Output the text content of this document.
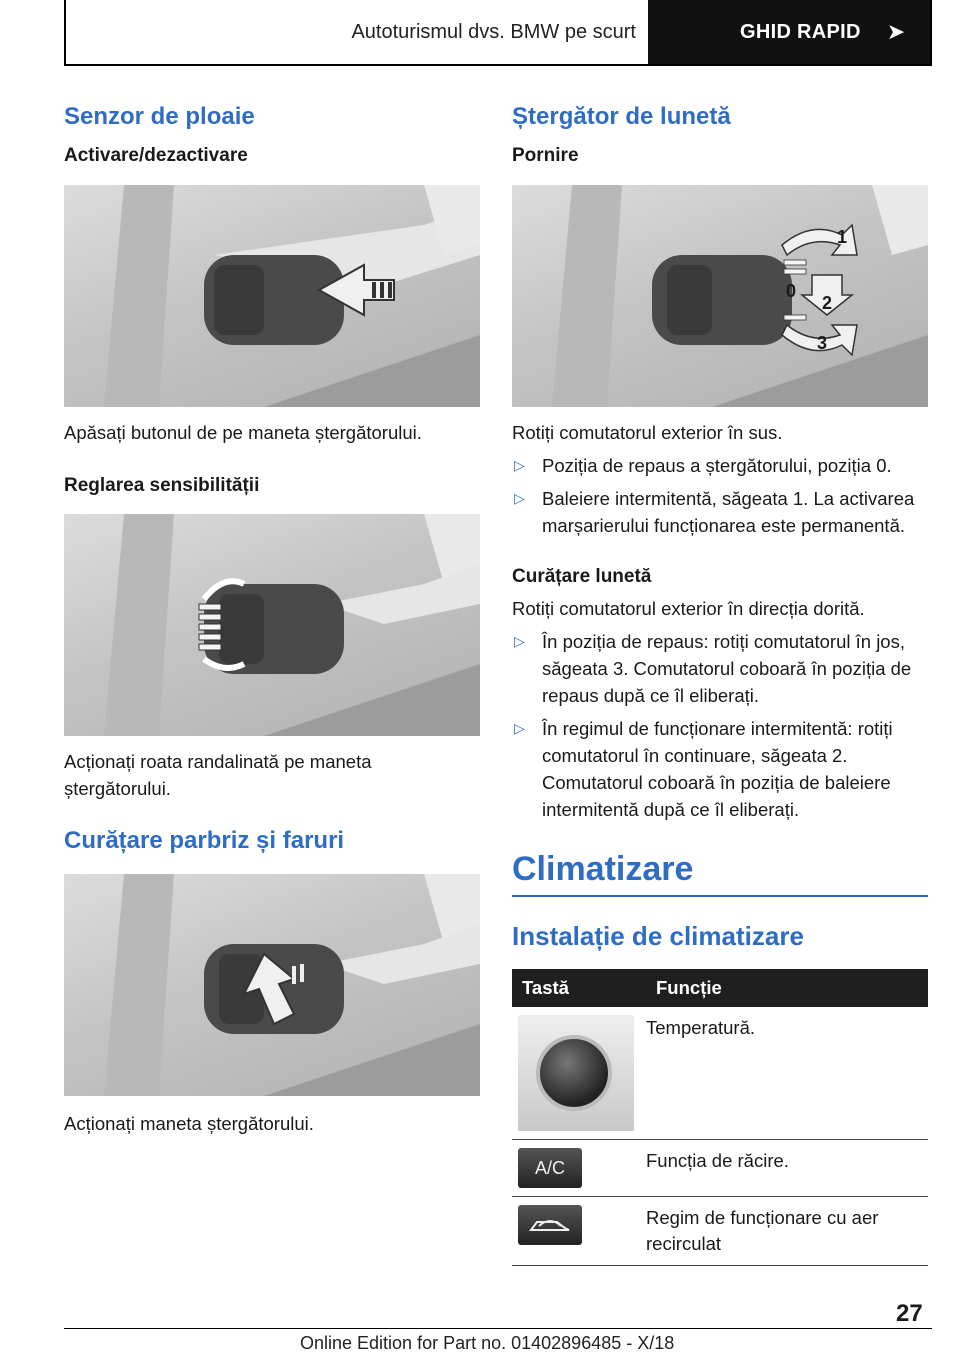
Autoturismul dvs. BMW pe scurt	GHID RAPID ➤
Senzor de ploaie
Activare/dezactivare
Apăsați butonul de pe maneta ștergătorului.
Reglarea sensibilității
Acționați roata randalinată pe maneta ștergătorului.
Curățare parbriz și faruri
Acționați maneta ștergătorului.
Ștergător de lunetă
Pornire
1
0
2
3
Rotiți comutatorul exterior în sus.
▷ Poziția de repaus a ștergătorului, poziția 0.
▷ Baleiere intermitentă, săgeata 1. La activarea marșarierului funcționarea este permanentă.
Curățare lunetă
Rotiți comutatorul exterior în direcția dorită.
▷ În poziția de repaus: rotiți comutatorul în jos, săgeata 3. Comutatorul coboară în poziția de repaus după ce îl eliberați.
▷ În regimul de funcționare intermitentă: rotiți comutatorul în continuare, săgeata 2. Comutatorul coboară în poziția de baleiere intermitentă după ce îl eliberați.
Climatizare
Instalație de climatizare
Tastă	Funcție

	Temperatură.

A/C	Funcția de răcire.

	Regim de funcționare cu aer recirculat
27
Online Edition for Part no. 01402896485 - X/18
